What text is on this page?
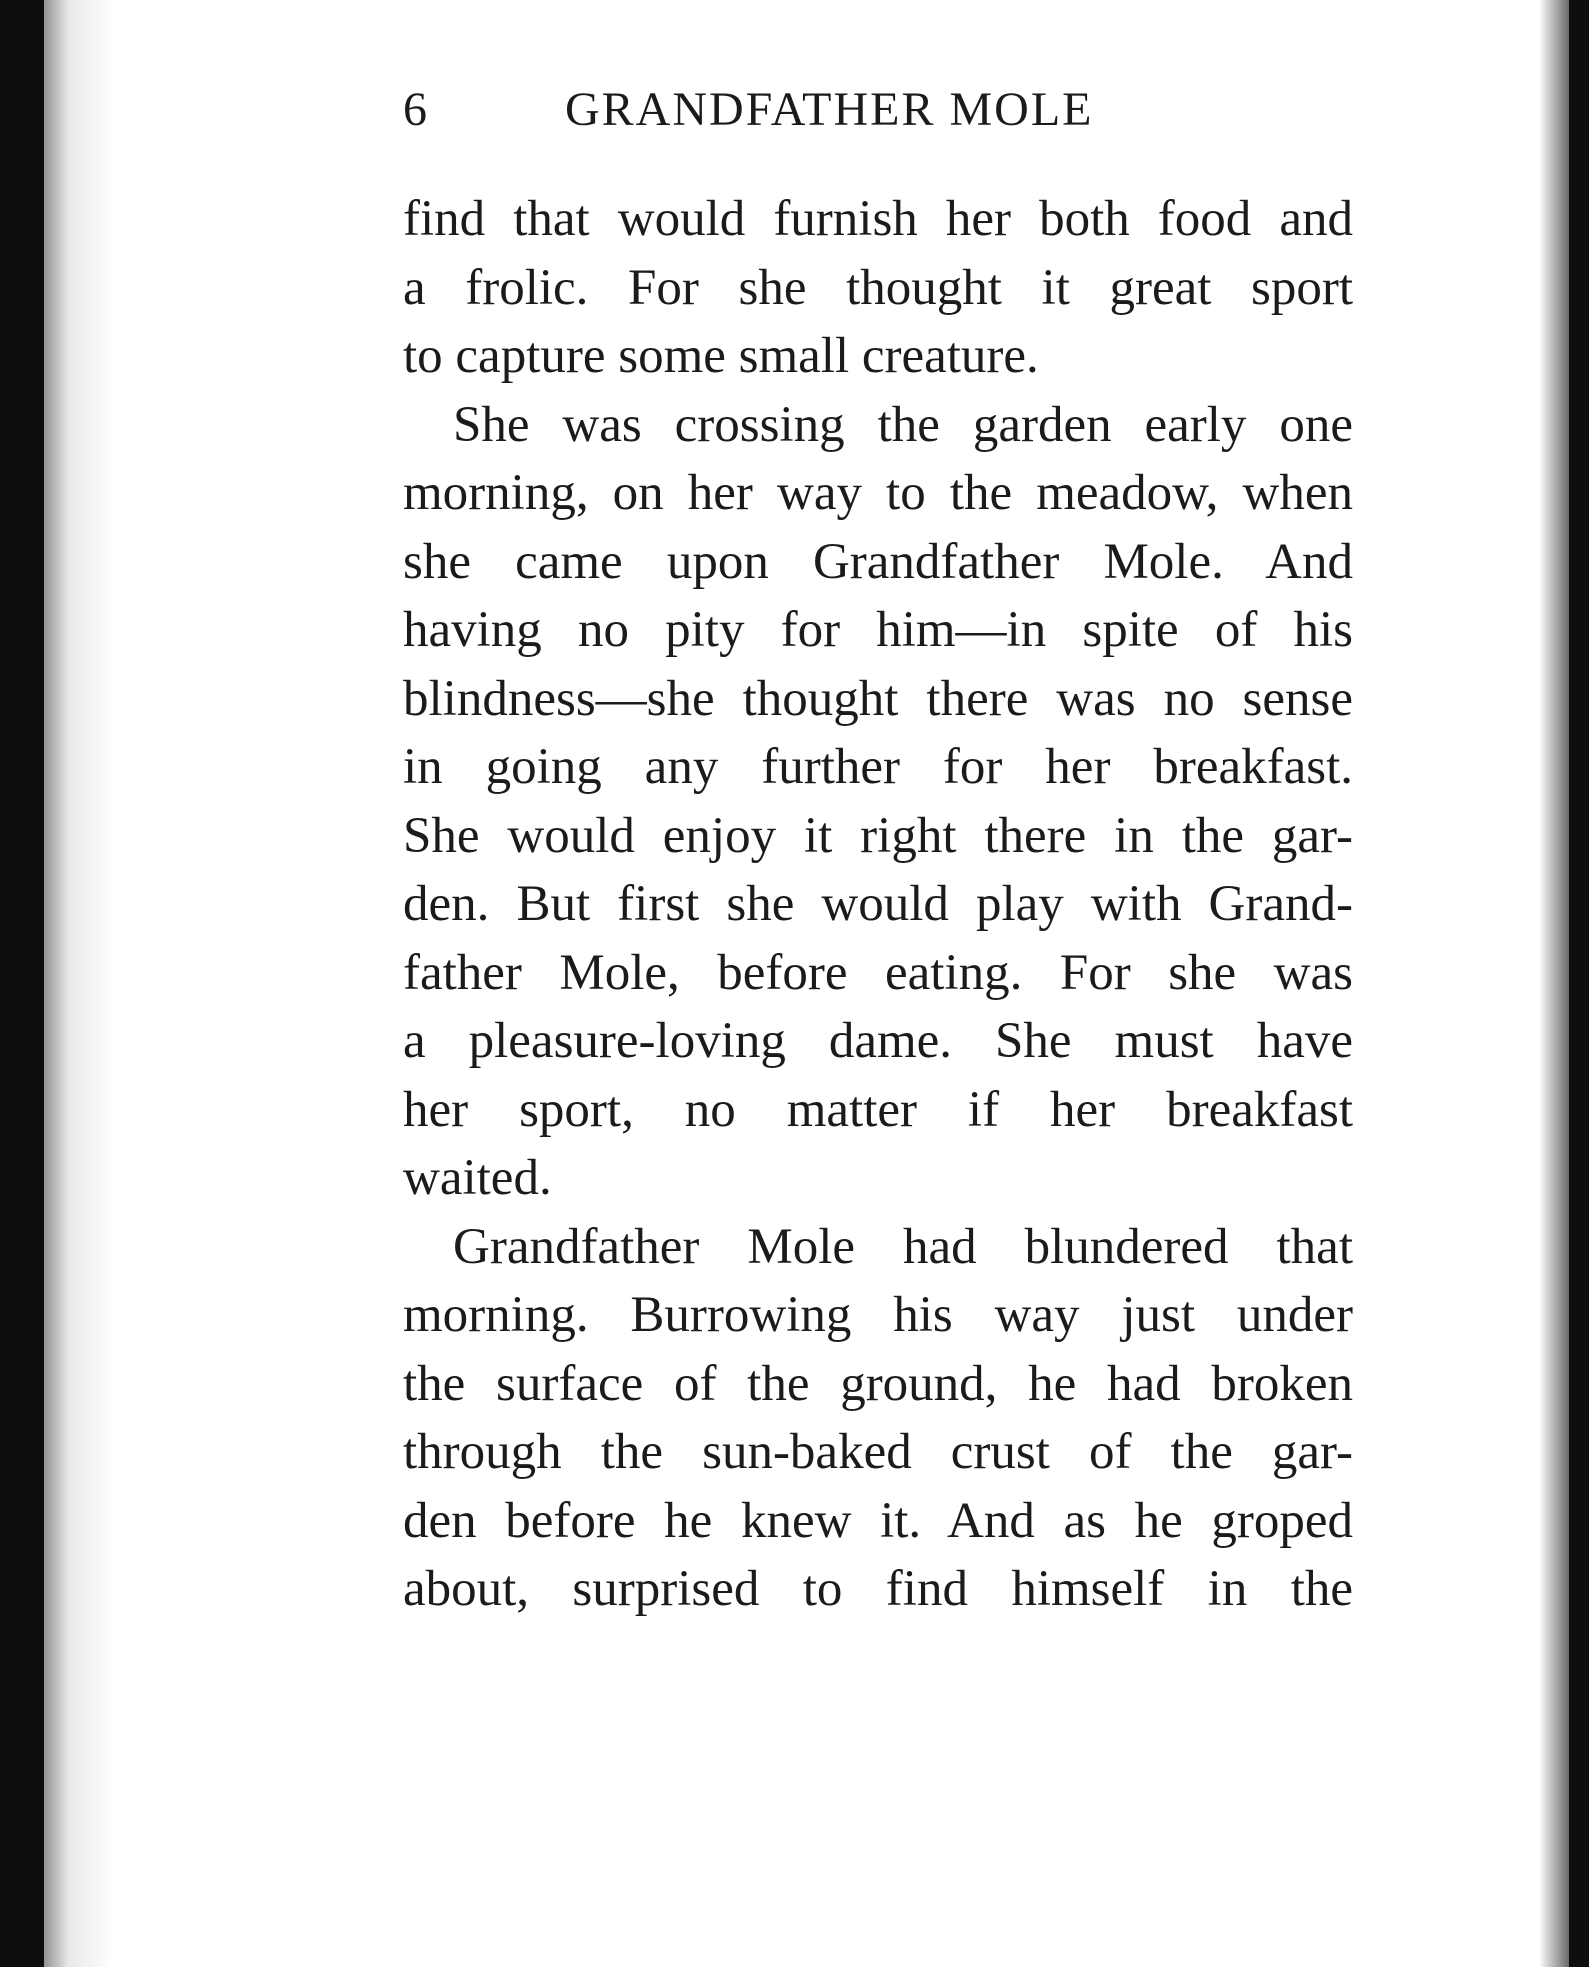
6	GRANDFATHER MOLE
find that would furnish her both food and
a frolic. For she thought it great sport
to capture some small creature.
She was crossing the garden early one
morning, on her way to the meadow, when
she came upon Grandfather Mole. And
having no pity for him—in spite of his
blindness—she thought there was no sense
in going any further for her breakfast.
She would enjoy it right there in the gar-
den. But first she would play with Grand-
father Mole, before eating. For she was
a pleasure-loving dame. She must have
her sport, no matter if her breakfast
waited.
Grandfather Mole had blundered that
morning. Burrowing his way just under
the surface of the ground, he had broken
through the sun-baked crust of the gar-
den before he knew it. And as he groped
about, surprised to find himself in the
